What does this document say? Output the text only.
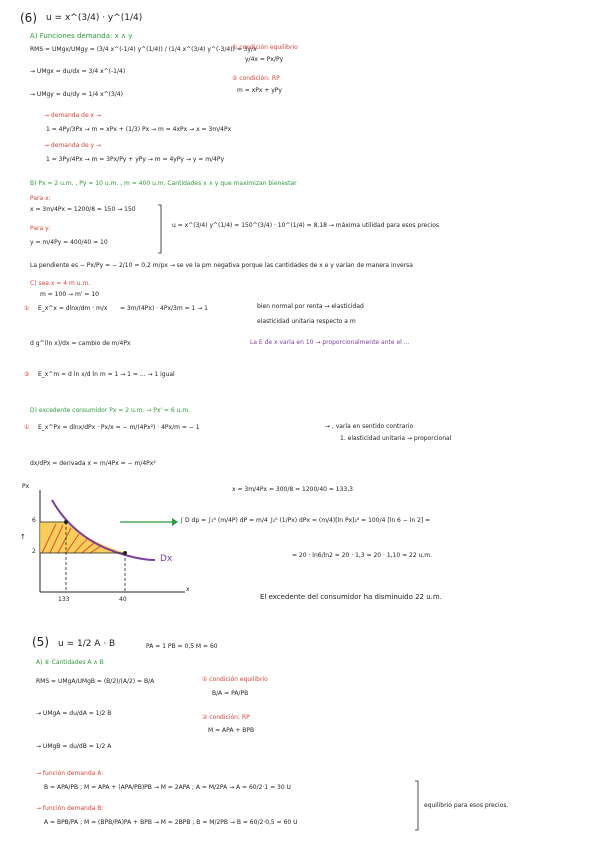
(6) u = x^(3/4) · y^(1/4)
A) Funciones demanda: x ∧ y
RMS = UMgx/UMgy = (3/4 x^(-1/4) y^(1/4)) / (1/4 x^(3/4) y^(-3/4)) = 3y/x
① condición equilibrio
y/4x = Px/Py
→ UMgx = du/dx = 3/4 x^(-1/4)
② condición: RP
m = xPx + yPy
→ UMgy = du/dy = 1/4 x^(3/4)
→ demanda de x →
1 = 4Py/3Px → m = xPx + (1/3) Px → m = 4xPx → x = 3m/4Px
→ demanda de y →
1 = 3Py/4Px → m = 3Px/Py + yPy → m = 4yPy → y = m/4Py
B) Px = 2 u.m. , Py = 10 u.m. , m = 400 u.m. Cantidades x ∧ y que maximizan bienestar
Para x:
x = 3m/4Px = 1200/8 = 150 → 150
Para y:
y = m/4Py = 400/40 = 10
u = x^(3/4) y^(1/4) = 150^(3/4) · 10^(1/4) = 8,18 → máxima utilidad para esos precios
La pendiente es − Px/Py = − 2/10 = 0,2 m/px → se ve la pm negativa porque las cantidades de x e y varían de manera inversa
C) sea x = 4 m u.m.
m = 100 → m' = 10
① E_x^x = dlnx/dm · m/x = 3m/(4Px) · 4Px/3m = 1 → 1	bien normal por renta → elasticidad
elasticidad unitaria respecto a m
d g^(ln x)/dx = cambio de m/4Px	La E de x varía en 10 → proporcionalmente ante el ...
③ E_x^m = d ln x/d ln m = 1 → 1 = ... → 1 igual
D) excedente consumidor Px = 2 u.m. → Px' = 6 u.m.
① E_x^Px = dlnx/dPx · Px/x = − m/(4Px²) · 4Px/m = − 1	→ , varía en sentido contrario
1. elasticidad unitaria → proporcional
dx/dPx = derivada x = m/4Px = − m/4Px²
Px
↑
6
2
133	40
x
Dx
x = 3m/4Px = 300/8 = 1200/40 = 133,3
∫ D dp = ∫₂⁶ (m/4P) dP = m/4 ∫₂⁶ (1/Px) dPx = (m/4)[ln Px]₂⁶ = 100/4 [ln 6 − ln 2] =
= 20 · ln6/ln2 = 20 · 1,3 = 20 · 1,10 = 22 u.m.
El excedente del consumidor ha disminuido 22 u.m.
(5) u = 1/2 A · B	PA = 1 PB = 0,5 M = 60
A) ⑥ Cantidades A ∧ B
RMS = UMgA/UMgB = (B/2)/(A/2) = B/A	① condición equilibrio
B/A = PA/PB
→ UMgA = du/dA = 1/2 B
② condición: RP
M = APA + BPB
→ UMgB = du/dB = 1/2 A
→ función demanda A:
B = APA/PB ; M = APA + (APA/PB)PB → M = 2APA ; A = M/2PA → A = 60/2·1 = 30 U
→ función demanda B:
A = BPB/PA ; M = (BPB/PA)PA + BPB → M = 2BPB ; B = M/2PB → B = 60/2·0,5 = 60 U
equilibrio para esos precios.
